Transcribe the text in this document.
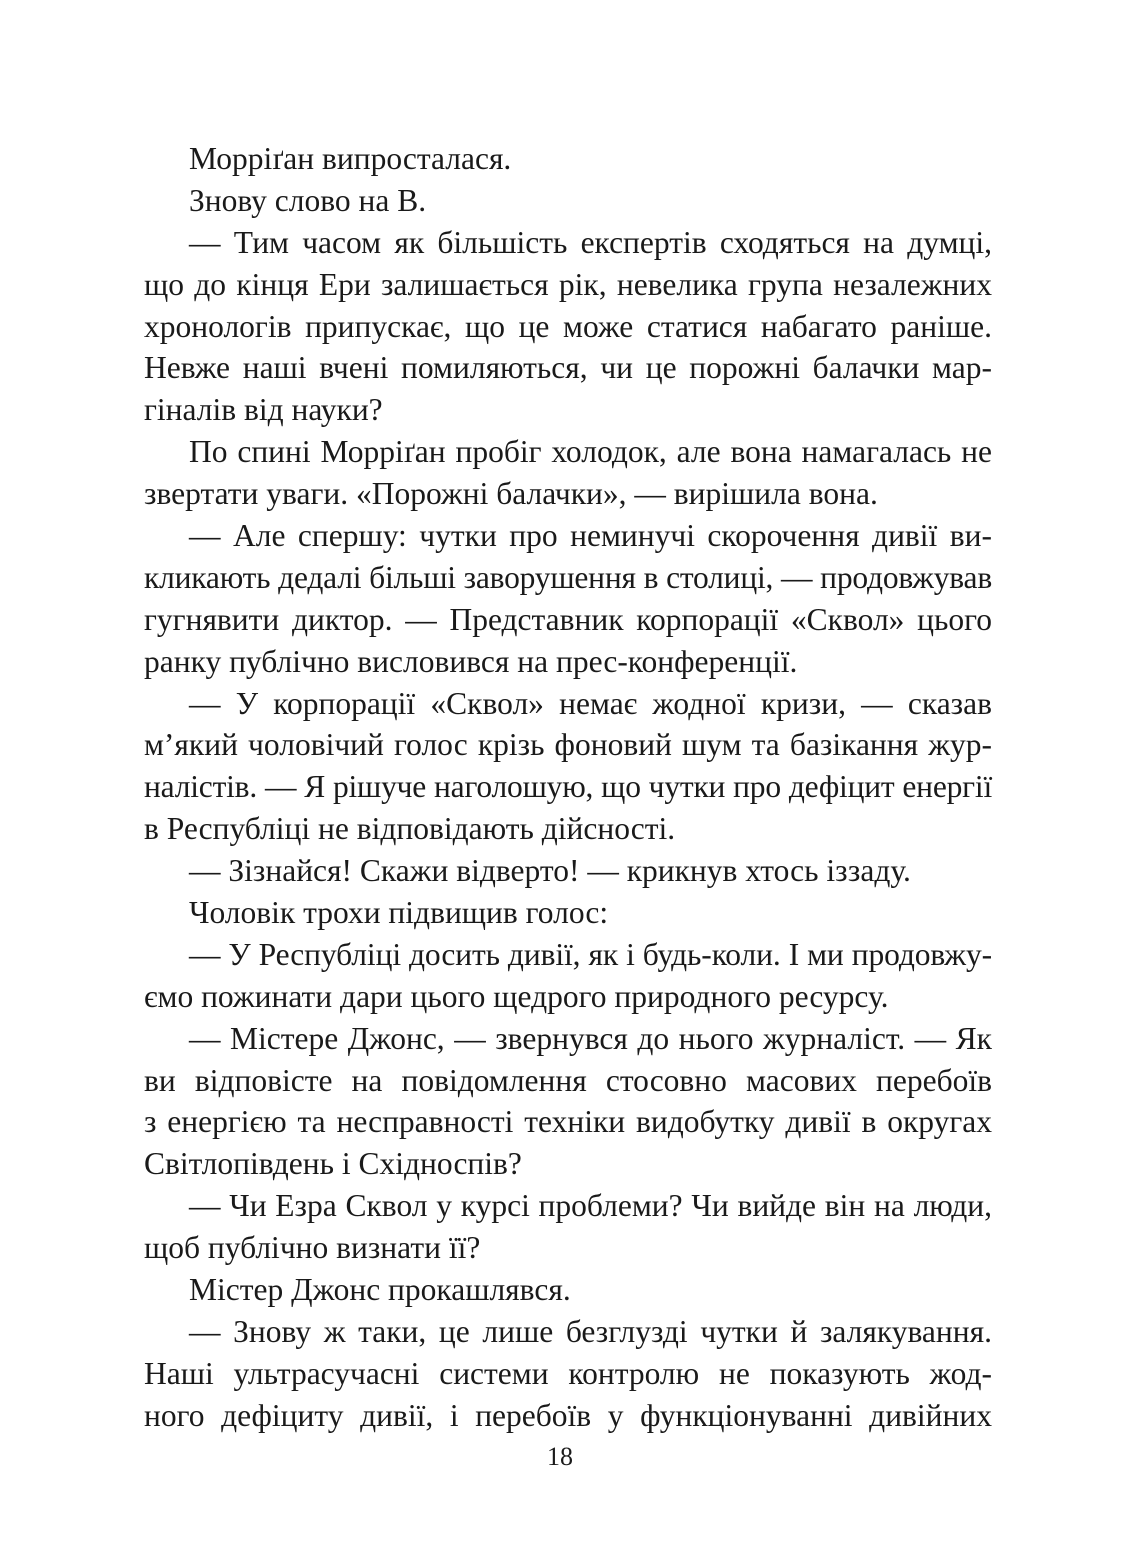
Морріґан випросталася.
Знову слово на В.
— Тим часом як більшість експертів сходяться на думці,
що до кінця Ери залишається рік, невелика група незалежних
хронологів припускає, що це може статися набагато раніше.
Невже наші вчені помиляються, чи це порожні балачки мар-
гіналів від науки?
По спині Морріґан пробіг холодок, але вона намагалась не
звертати уваги. «Порожні балачки», — вирішила вона.
— Але спершу: чутки про неминучі скорочення дивії ви-
кликають дедалі більші заворушення в столиці, — продовжував
гугнявити диктор. — Представник корпорації «Сквол» цього
ранку публічно висловився на прес-конференції.
— У корпорації «Сквол» немає жодної кризи, — сказав
м’який чоловічий голос крізь фоновий шум та базікання жур-
налістів. — Я рішуче наголошую, що чутки про дефіцит енергії
в Республіці не відповідають дійсності.
— Зізнайся! Скажи відверто! — крикнув хтось іззаду.
Чоловік трохи підвищив голос:
— У Республіці досить дивії, як і будь-коли. І ми продовжу-
ємо пожинати дари цього щедрого природного ресурсу.
— Містере Джонс, — звернувся до нього журналіст. — Як
ви відповісте на повідомлення стосовно масових перебоїв
з енергією та несправності техніки видобутку дивії в округах
Світлопівдень і Східноспів?
— Чи Езра Сквол у курсі проблеми? Чи вийде він на люди,
щоб публічно визнати її?
Містер Джонс прокашлявся.
— Знову ж таки, це лише безглузді чутки й залякування.
Наші ультрасучасні системи контролю не показують жод-
ного дефіциту дивії, і перебоїв у функціонуванні дивійних
18
